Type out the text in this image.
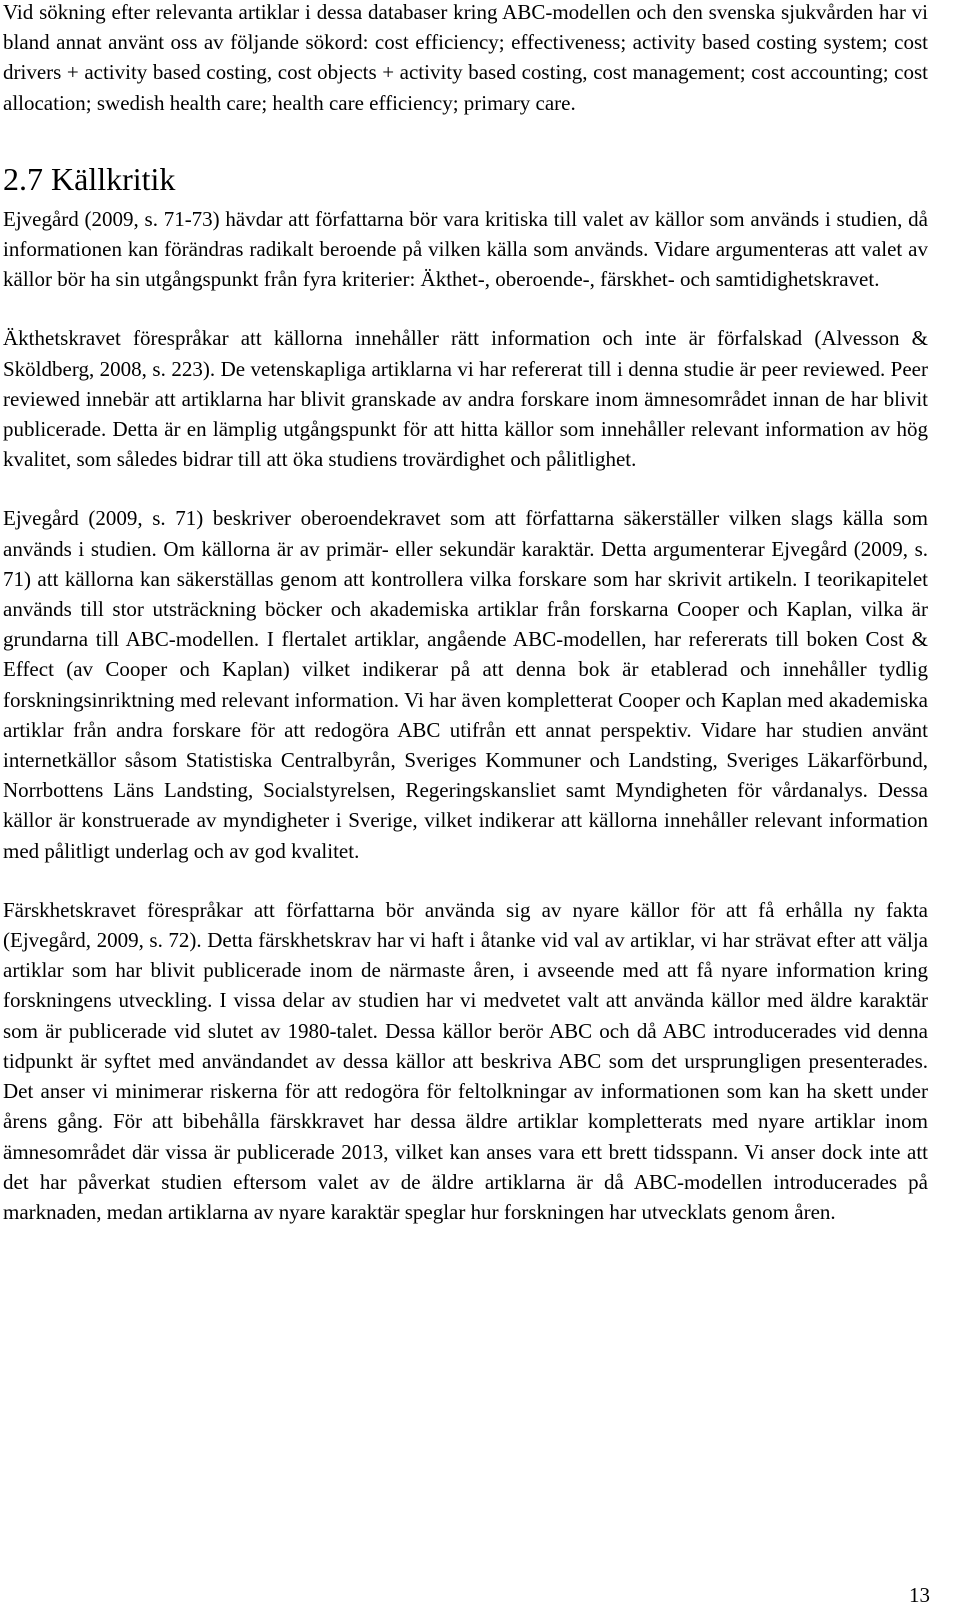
Vid sökning efter relevanta artiklar i dessa databaser kring ABC-modellen och den svenska sjukvården har vi bland annat använt oss av följande sökord: cost efficiency; effectiveness; activity based costing system; cost drivers + activity based costing, cost objects + activity based costing, cost management; cost accounting; cost allocation; swedish health care; health care efficiency; primary care.

2.7 Källkritik

Ejvegård (2009, s. 71-73) hävdar att författarna bör vara kritiska till valet av källor som används i studien, då informationen kan förändras radikalt beroende på vilken källa som används. Vidare argumenteras att valet av källor bör ha sin utgångspunkt från fyra kriterier: Äkthet-, oberoende-, färskhet- och samtidighetskravet.

Äkthetskravet förespråkar att källorna innehåller rätt information och inte är förfalskad (Alvesson & Sköldberg, 2008, s. 223). De vetenskapliga artiklarna vi har refererat till i denna studie är peer reviewed. Peer reviewed innebär att artiklarna har blivit granskade av andra forskare inom ämnesområdet innan de har blivit publicerade. Detta är en lämplig utgångspunkt för att hitta källor som innehåller relevant information av hög kvalitet, som således bidrar till att öka studiens trovärdighet och pålitlighet.

Ejvegård (2009, s. 71) beskriver oberoendekravet som att författarna säkerställer vilken slags källa som används i studien. Om källorna är av primär- eller sekundär karaktär. Detta argumenterar Ejvegård (2009, s. 71) att källorna kan säkerställas genom att kontrollera vilka forskare som har skrivit artikeln. I teorikapitelet används till stor utsträckning böcker och akademiska artiklar från forskarna Cooper och Kaplan, vilka är grundarna till ABC-modellen. I flertalet artiklar, angående ABC-modellen, har refererats till boken Cost & Effect (av Cooper och Kaplan) vilket indikerar på att denna bok är etablerad och innehåller tydlig forskningsinriktning med relevant information. Vi har även kompletterat Cooper och Kaplan med akademiska artiklar från andra forskare för att redogöra ABC utifrån ett annat perspektiv. Vidare har studien använt internetkällor såsom Statistiska Centralbyrån, Sveriges Kommuner och Landsting, Sveriges Läkarförbund, Norrbottens Läns Landsting, Socialstyrelsen, Regeringskansliet samt Myndigheten för vårdanalys. Dessa källor är konstruerade av myndigheter i Sverige, vilket indikerar att källorna innehåller relevant information med pålitligt underlag och av god kvalitet.

Färskhetskravet förespråkar att författarna bör använda sig av nyare källor för att få erhålla ny fakta (Ejvegård, 2009, s. 72). Detta färskhetskrav har vi haft i åtanke vid val av artiklar, vi har strävat efter att välja artiklar som har blivit publicerade inom de närmaste åren, i avseende med att få nyare information kring forskningens utveckling. I vissa delar av studien har vi medvetet valt att använda källor med äldre karaktär som är publicerade vid slutet av 1980-talet. Dessa källor berör ABC och då ABC introducerades vid denna tidpunkt är syftet med användandet av dessa källor att beskriva ABC som det ursprungligen presenterades. Det anser vi minimerar riskerna för att redogöra för feltolkningar av informationen som kan ha skett under årens gång. För att bibehålla färskkravet har dessa äldre artiklar kompletterats med nyare artiklar inom ämnesområdet där vissa är publicerade 2013, vilket kan anses vara ett brett tidsspann. Vi anser dock inte att det har påverkat studien eftersom valet av de äldre artiklarna är då ABC-modellen introducerades på marknaden, medan artiklarna av nyare karaktär speglar hur forskningen har utvecklats genom åren.

13
